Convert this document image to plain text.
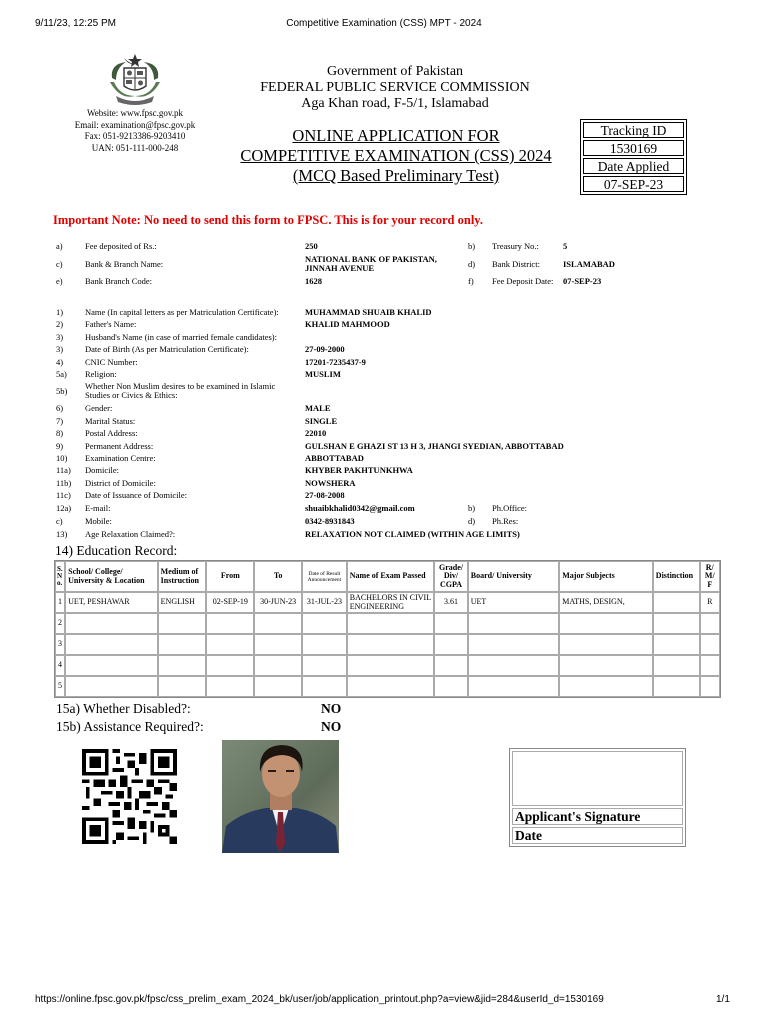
9/11/23, 12:25 PM	Competitive Examination (CSS) MPT - 2024
Website: www.fpsc.gov.pk
Email: examination@fpsc.gov.pk
Fax: 051-9213386-9203410
UAN: 051-111-000-248
Government of Pakistan
FEDERAL PUBLIC SERVICE COMMISSION
Aga Khan road, F-5/1, Islamabad
ONLINE APPLICATION FOR
COMPETITIVE EXAMINATION (CSS) 2024
(MCQ Based Preliminary Test)
Tracking ID
1530169
Date Applied
07-SEP-23
Important Note: No need to send this form to FPSC. This is for your record only.
a)	Fee deposited of Rs.:	250	b) Treasury No.:	5
c)	Bank & Branch Name:	NATIONAL BANK OF PAKISTAN, JINNAH AVENUE	d) Bank District:	ISLAMABAD
e)	Bank Branch Code:	1628	f) Fee Deposit Date: 07-SEP-23
1)	Name (In capital letters as per Matriculation Certificate):	MUHAMMAD SHUAIB KHALID
2)	Father's Name:	KHALID MAHMOOD
3)	Husband's Name (in case of married female candidates):
3)	Date of Birth (As per Matriculation Certificate):	27-09-2000
4)	CNIC Number:	17201-7235437-9
5a) Religion:	MUSLIM
5b) Whether Non Muslim desires to be examined in Islamic Studies or Civics & Ethics:
6)	Gender:	MALE
7)	Marital Status:	SINGLE
8)	Postal Address:	22010
9)	Permanent Address:	GULSHAN E GHAZI ST 13 H 3, JHANGI SYEDIAN, ABBOTTABAD
10) Examination Centre:	ABBOTTABAD
11a) Domicile:	KHYBER PAKHTUNKHWA
11b) District of Domicile:	NOWSHERA
11c) Date of Issuance of Domicile:	27-08-2008
12a) E-mail:	shuaibkhalid0342@gmail.com	b) Ph.Office:
c)	Mobile:	0342-8931843	d) Ph.Res:
13) Age Relaxation Claimed?:	RELAXATION NOT CLAIMED (WITHIN AGE LIMITS)
14) Education Record:
S. N o.	School/ College/ University & Location	Medium of Instruction	From	To	Date of Result Announcement	Name of Exam Passed	Grade/ Div/ CGPA	Board/ University	Major Subjects	Distinction	R/ M/ F
1	UET, PESHAWAR	ENGLISH	02-SEP-19	30-JUN-23	31-JUL-23	BACHELORS IN CIVIL ENGINEERING	3.61	UET	MATHS, DESIGN,		R
2											
3											
4											
5											
15a) Whether Disabled?:	NO
15b) Assistance Required?:	NO
Applicant's Signature
Date
https://online.fpsc.gov.pk/fpsc/css_prelim_exam_2024_bk/user/job/application_printout.php?a=view&jid=284&userId_d=1530169	1/1
